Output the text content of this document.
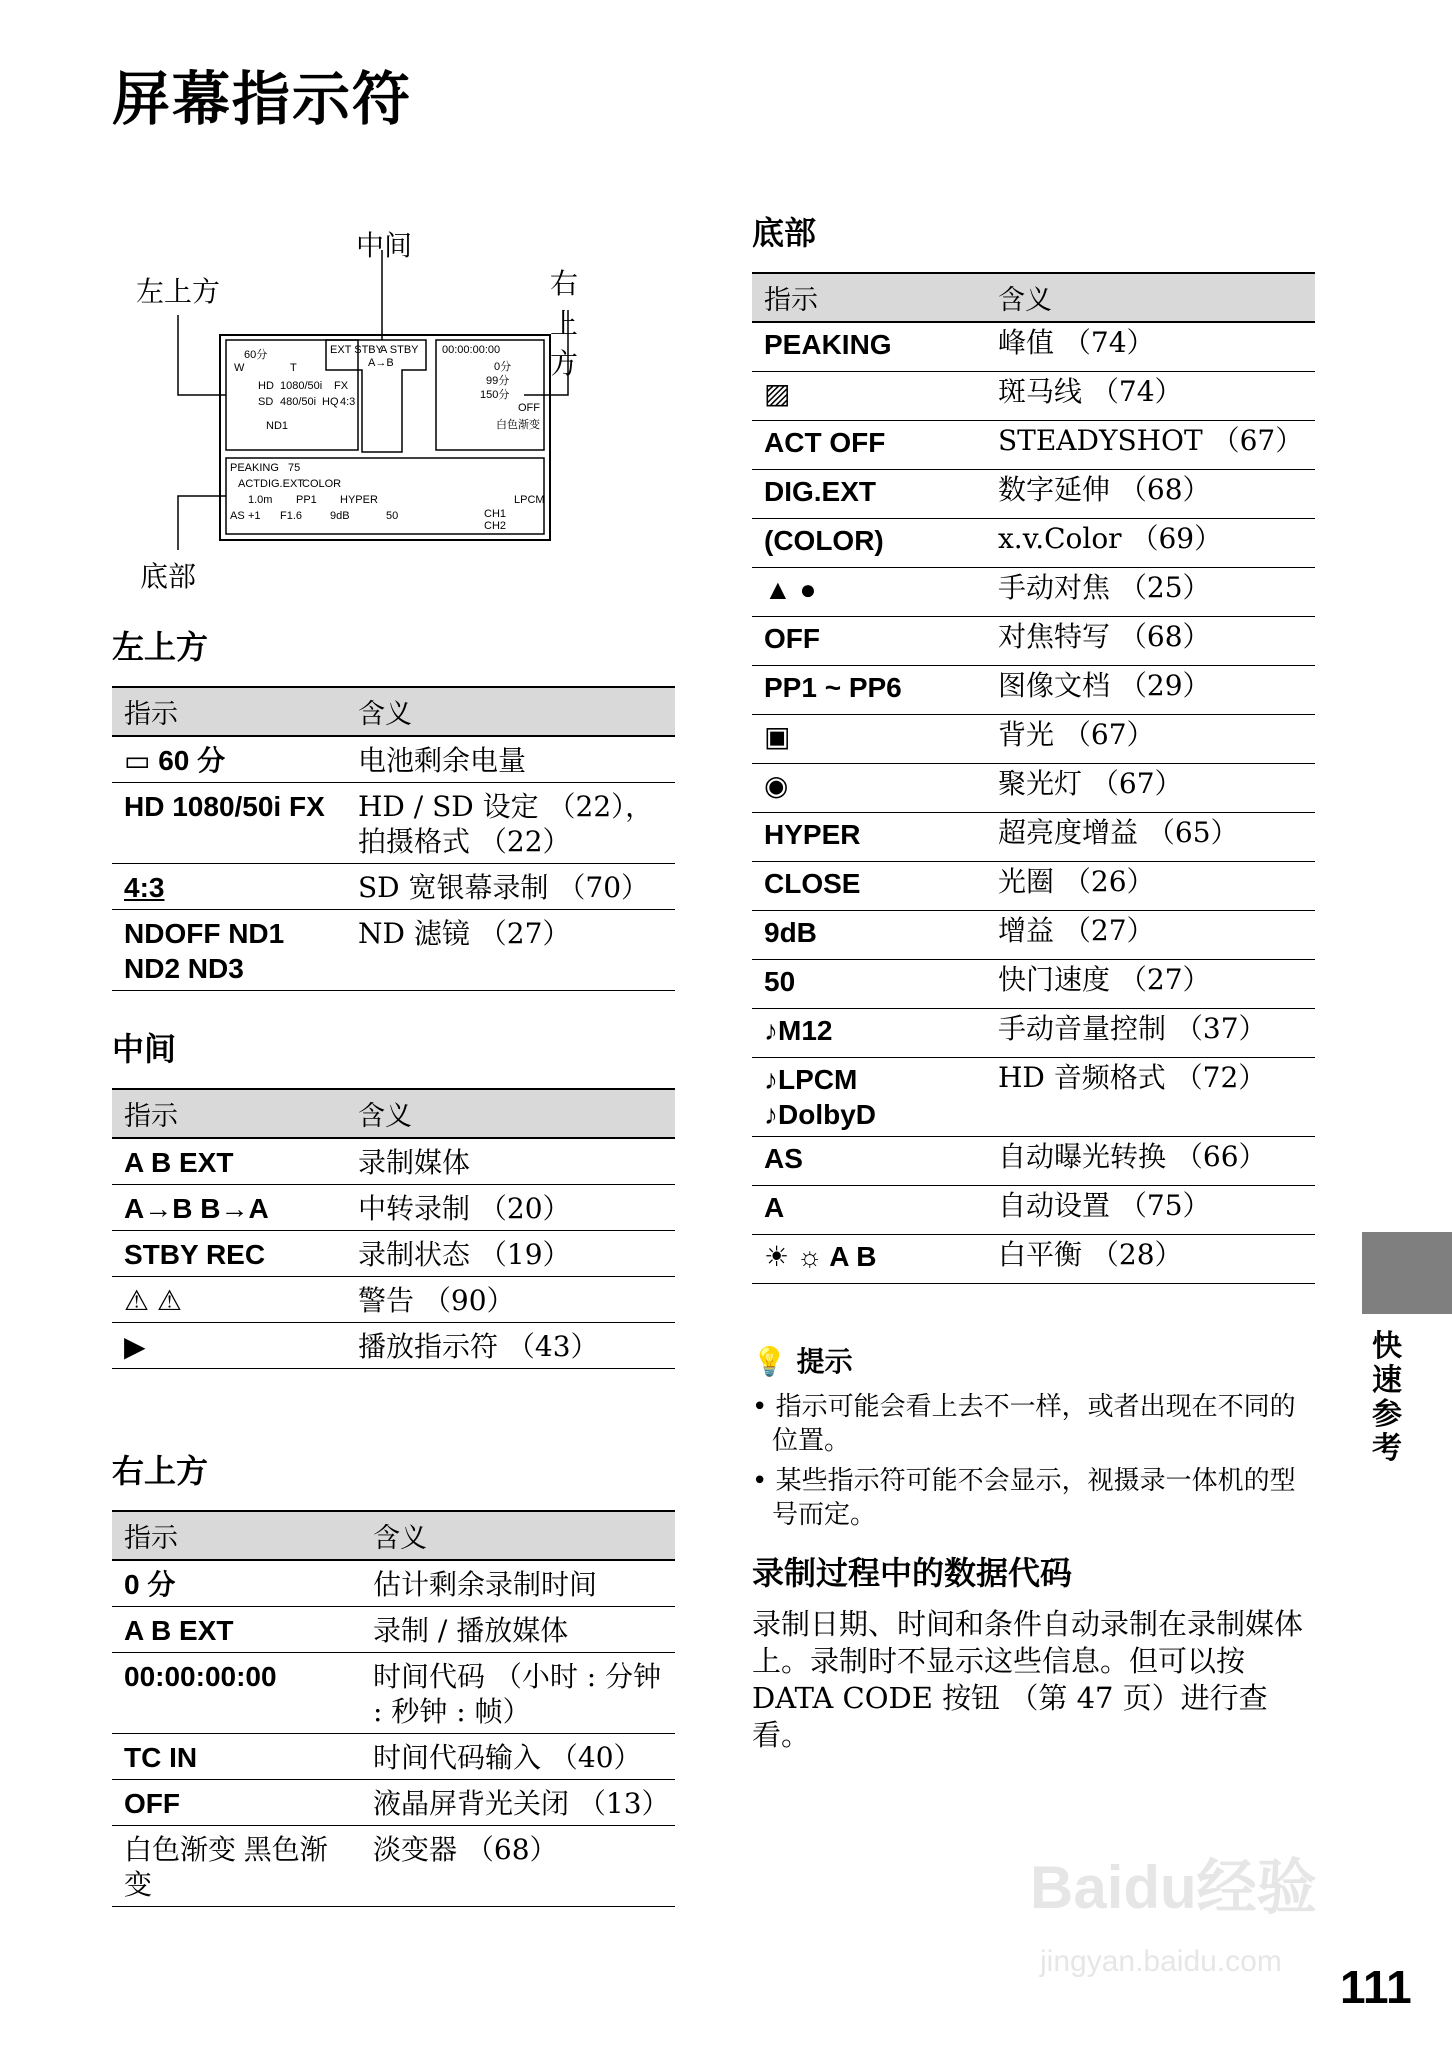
屏幕指示符
左上方
中间
右上方
底部
60分
W	T
HD 1080/50i FX
SD 480/50i HQ 4:3
ND1
EXT STBY
A STBY
A→B
00:00:00:00
0分
99分
150分
OFF
白色渐变
PEAKING 75
ACT DIG.EXT
COLOR
1.0m PP1 HYPER	LPCM
AS +1 F1.6	9dB	50	CH1
CH2
左上方
指示	含义
▭ 60 分	电池剩余电量
HD 1080/50i FX	HD / SD 设定 （22），拍摄格式 （22）
4:3	SD 宽银幕录制 （70）
NDOFF ND1 ND2 ND3	ND 滤镜 （27）
中间
指示	含义
A B EXT	录制媒体
A→B B→A	中转录制 （20）
STBY REC	录制状态 （19）
⚠ ⚠	警告 （90）
▶	播放指示符 （43）
右上方
指示	含义
0 分	估计剩余录制时间
A B EXT	录制 / 播放媒体
00:00:00:00	时间代码 （小时 : 分钟 : 秒钟 : 帧）
TC IN	时间代码输入 （40）
OFF	液晶屏背光关闭 （13）
白色渐变 黑色渐变	淡变器 （68）
底部
指示	含义
PEAKING	峰值 （74）
▨	斑马线 （74）
ACT OFF	STEADYSHOT （67）
DIG.EXT	数字延伸 （68）
(COLOR)	x.v.Color （69）
▲ ●	手动对焦 （25）
OFF	对焦特写 （68）
PP1 ~ PP6	图像文档 （29）
▣	背光 （67）
◉	聚光灯 （67）
HYPER	超亮度增益 （65）
CLOSE	光圈 （26）
9dB	增益 （27）
50	快门速度 （27）
♪M12	手动音量控制 （37）
♪LPCM ♪DolbyD	HD 音频格式 （72）
AS	自动曝光转换 （66）
A	自动设置 （75）
☀ ☼ A B	白平衡 （28）
💡 提示
• 指示可能会看上去不一样，或者出现在不同的位置。
• 某些指示符可能不会显示，视摄录一体机的型号而定。
录制过程中的数据代码
录制日期、时间和条件自动录制在录制媒体上。录制时不显示这些信息。但可以按 DATA CODE 按钮 （第 47 页）进行查看。
快速参考
Baidu经验
jingyan.baidu.com 111
